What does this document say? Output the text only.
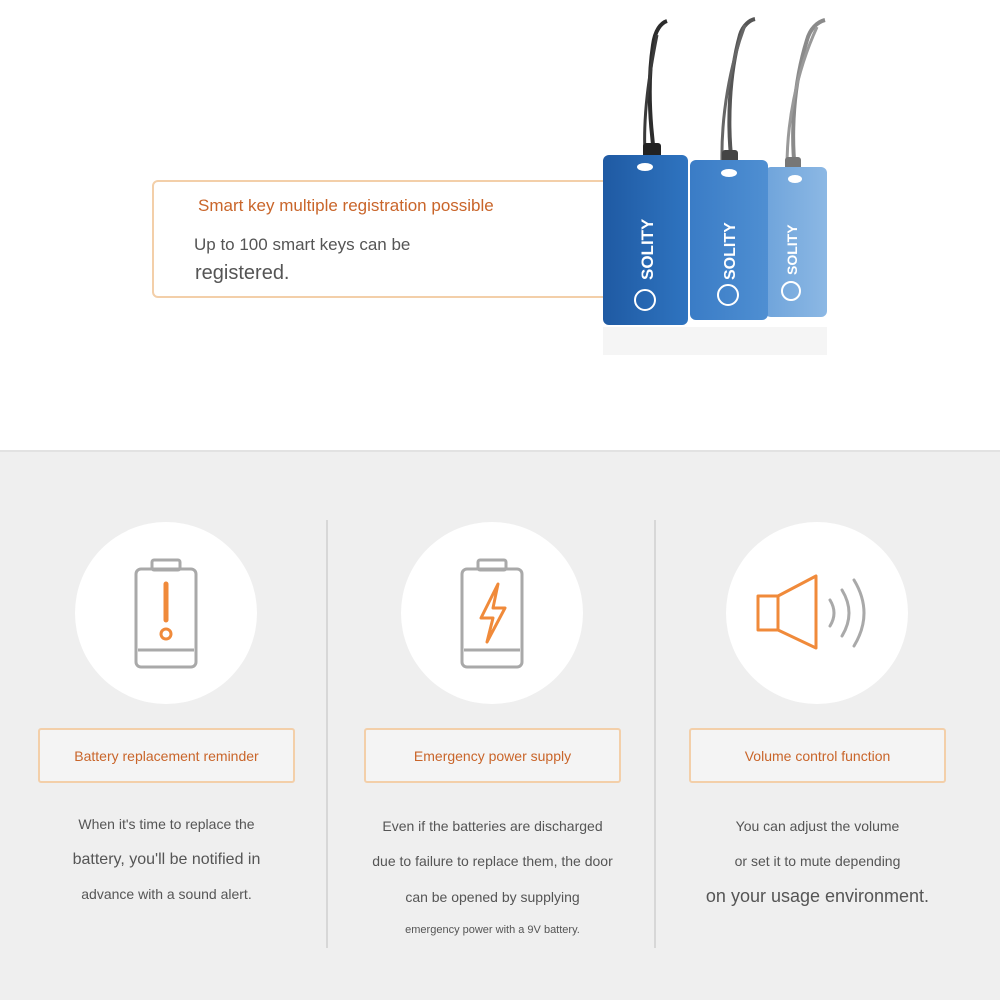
Smart key multiple registration possible
Up to 100 smart keys can be
registered.	SOLITY	SOLITY	SOLITY
Battery replacement reminder
When it's time to replace the
battery, you'll be notified in
advance with a sound alert.
Emergency power supply
Even if the batteries are discharged
due to failure to replace them, the door
can be opened by supplying
emergency power with a 9V battery.
Volume control function
You can adjust the volume
or set it to mute depending
on your usage environment.
